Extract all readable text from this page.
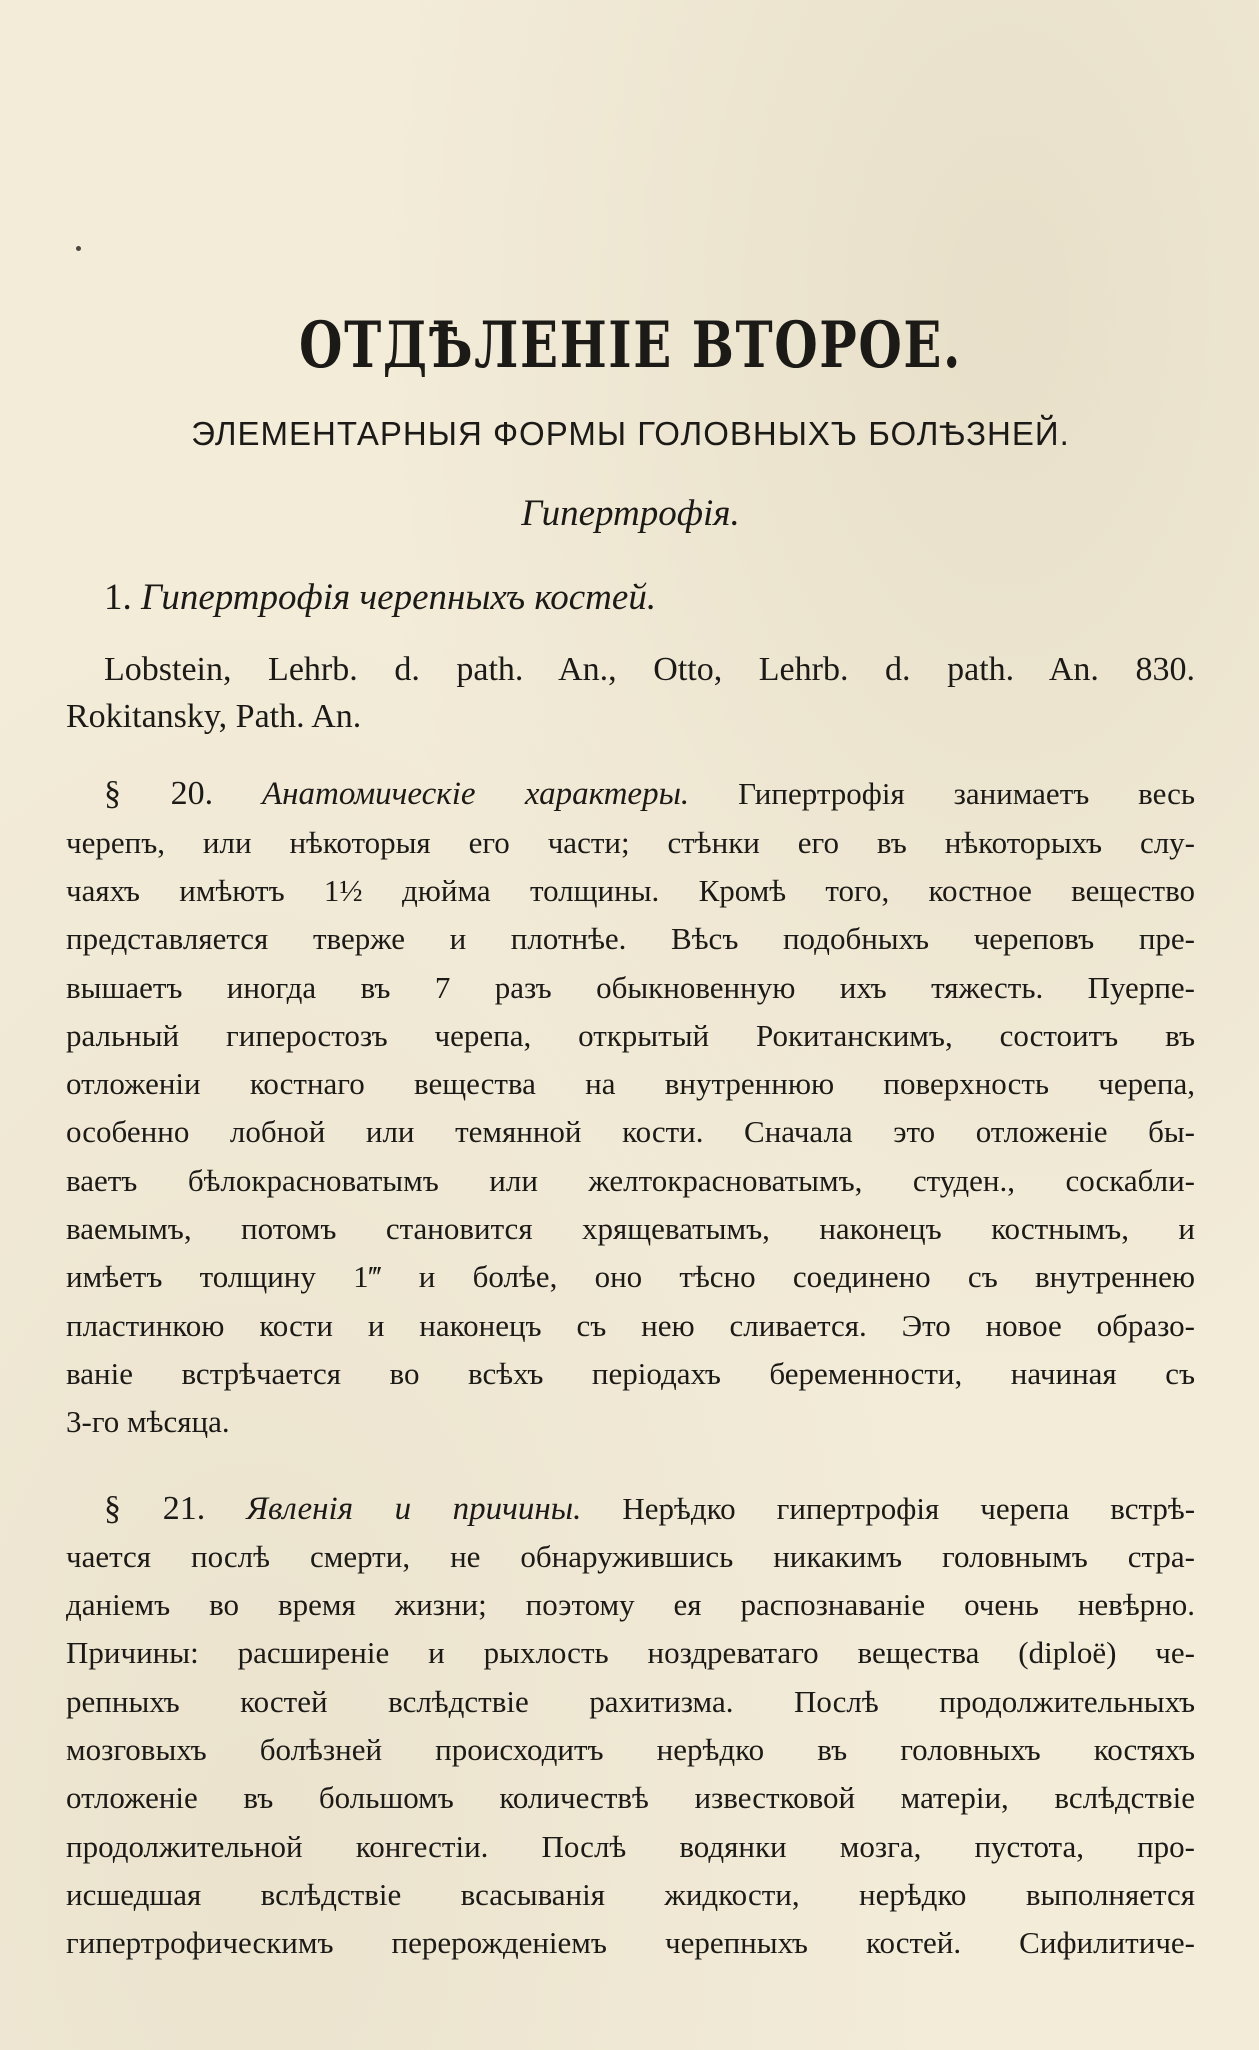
ОТДѢЛЕНІЕ ВТОРОЕ.
ЭЛЕМЕНТАРНЫЯ ФОРМЫ ГОЛОВНЫХЪ БОЛѢЗНЕЙ.
Гипертрофія.
1. Гипертрофія черепныхъ костей.
Lobstein, Lehrb. d. path. An., Otto, Lehrb. d. path. An. 830.
Rokitansky, Path. An.
§ 20. Анатомическіе характеры. Гипертрофія занимаетъ весь
черепъ, или нѣкоторыя его части; стѣнки его въ нѣкоторыхъ слу-
чаяхъ имѣютъ 1½ дюйма толщины. Кромѣ того, костное вещество
представляется тверже и плотнѣе. Вѣсъ подобныхъ череповъ пре-
вышаетъ иногда въ 7 разъ обыкновенную ихъ тяжесть. Пуерпе-
ральный гиперостозъ черепа, открытый Рокитанскимъ, состоитъ въ
отложеніи костнаго вещества на внутреннюю поверхность черепа,
особенно лобной или темянной кости. Сначала это отложеніе бы-
ваетъ бѣлокрасноватымъ или желтокрасноватымъ, студен., соскабли-
ваемымъ, потомъ становится хрящеватымъ, наконецъ костнымъ, и
имѣетъ толщину 1‴ и болѣе, оно тѣсно соединено съ внутреннею
пластинкою кости и наконецъ съ нею сливается. Это новое образо-
ваніе встрѣчается во всѣхъ періодахъ беременности, начиная съ
3-го мѣсяца.
§ 21. Явленія и причины. Нерѣдко гипертрофія черепа встрѣ-
чается послѣ смерти, не обнаружившись никакимъ головнымъ стра-
даніемъ во время жизни; поэтому ея распознаваніе очень невѣрно.
Причины: расширеніе и рыхлость ноздреватаго вещества (diploë) че-
репныхъ костей вслѣдствіе рахитизма. Послѣ продолжительныхъ
мозговыхъ болѣзней происходитъ нерѣдко въ головныхъ костяхъ
отложеніе въ большомъ количествѣ известковой матеріи, вслѣдствіе
продолжительной конгестіи. Послѣ водянки мозга, пустота, про-
исшедшая вслѣдствіе всасыванія жидкости, нерѣдко выполняется
гипертрофическимъ перерожденіемъ черепныхъ костей. Сифилитиче-
